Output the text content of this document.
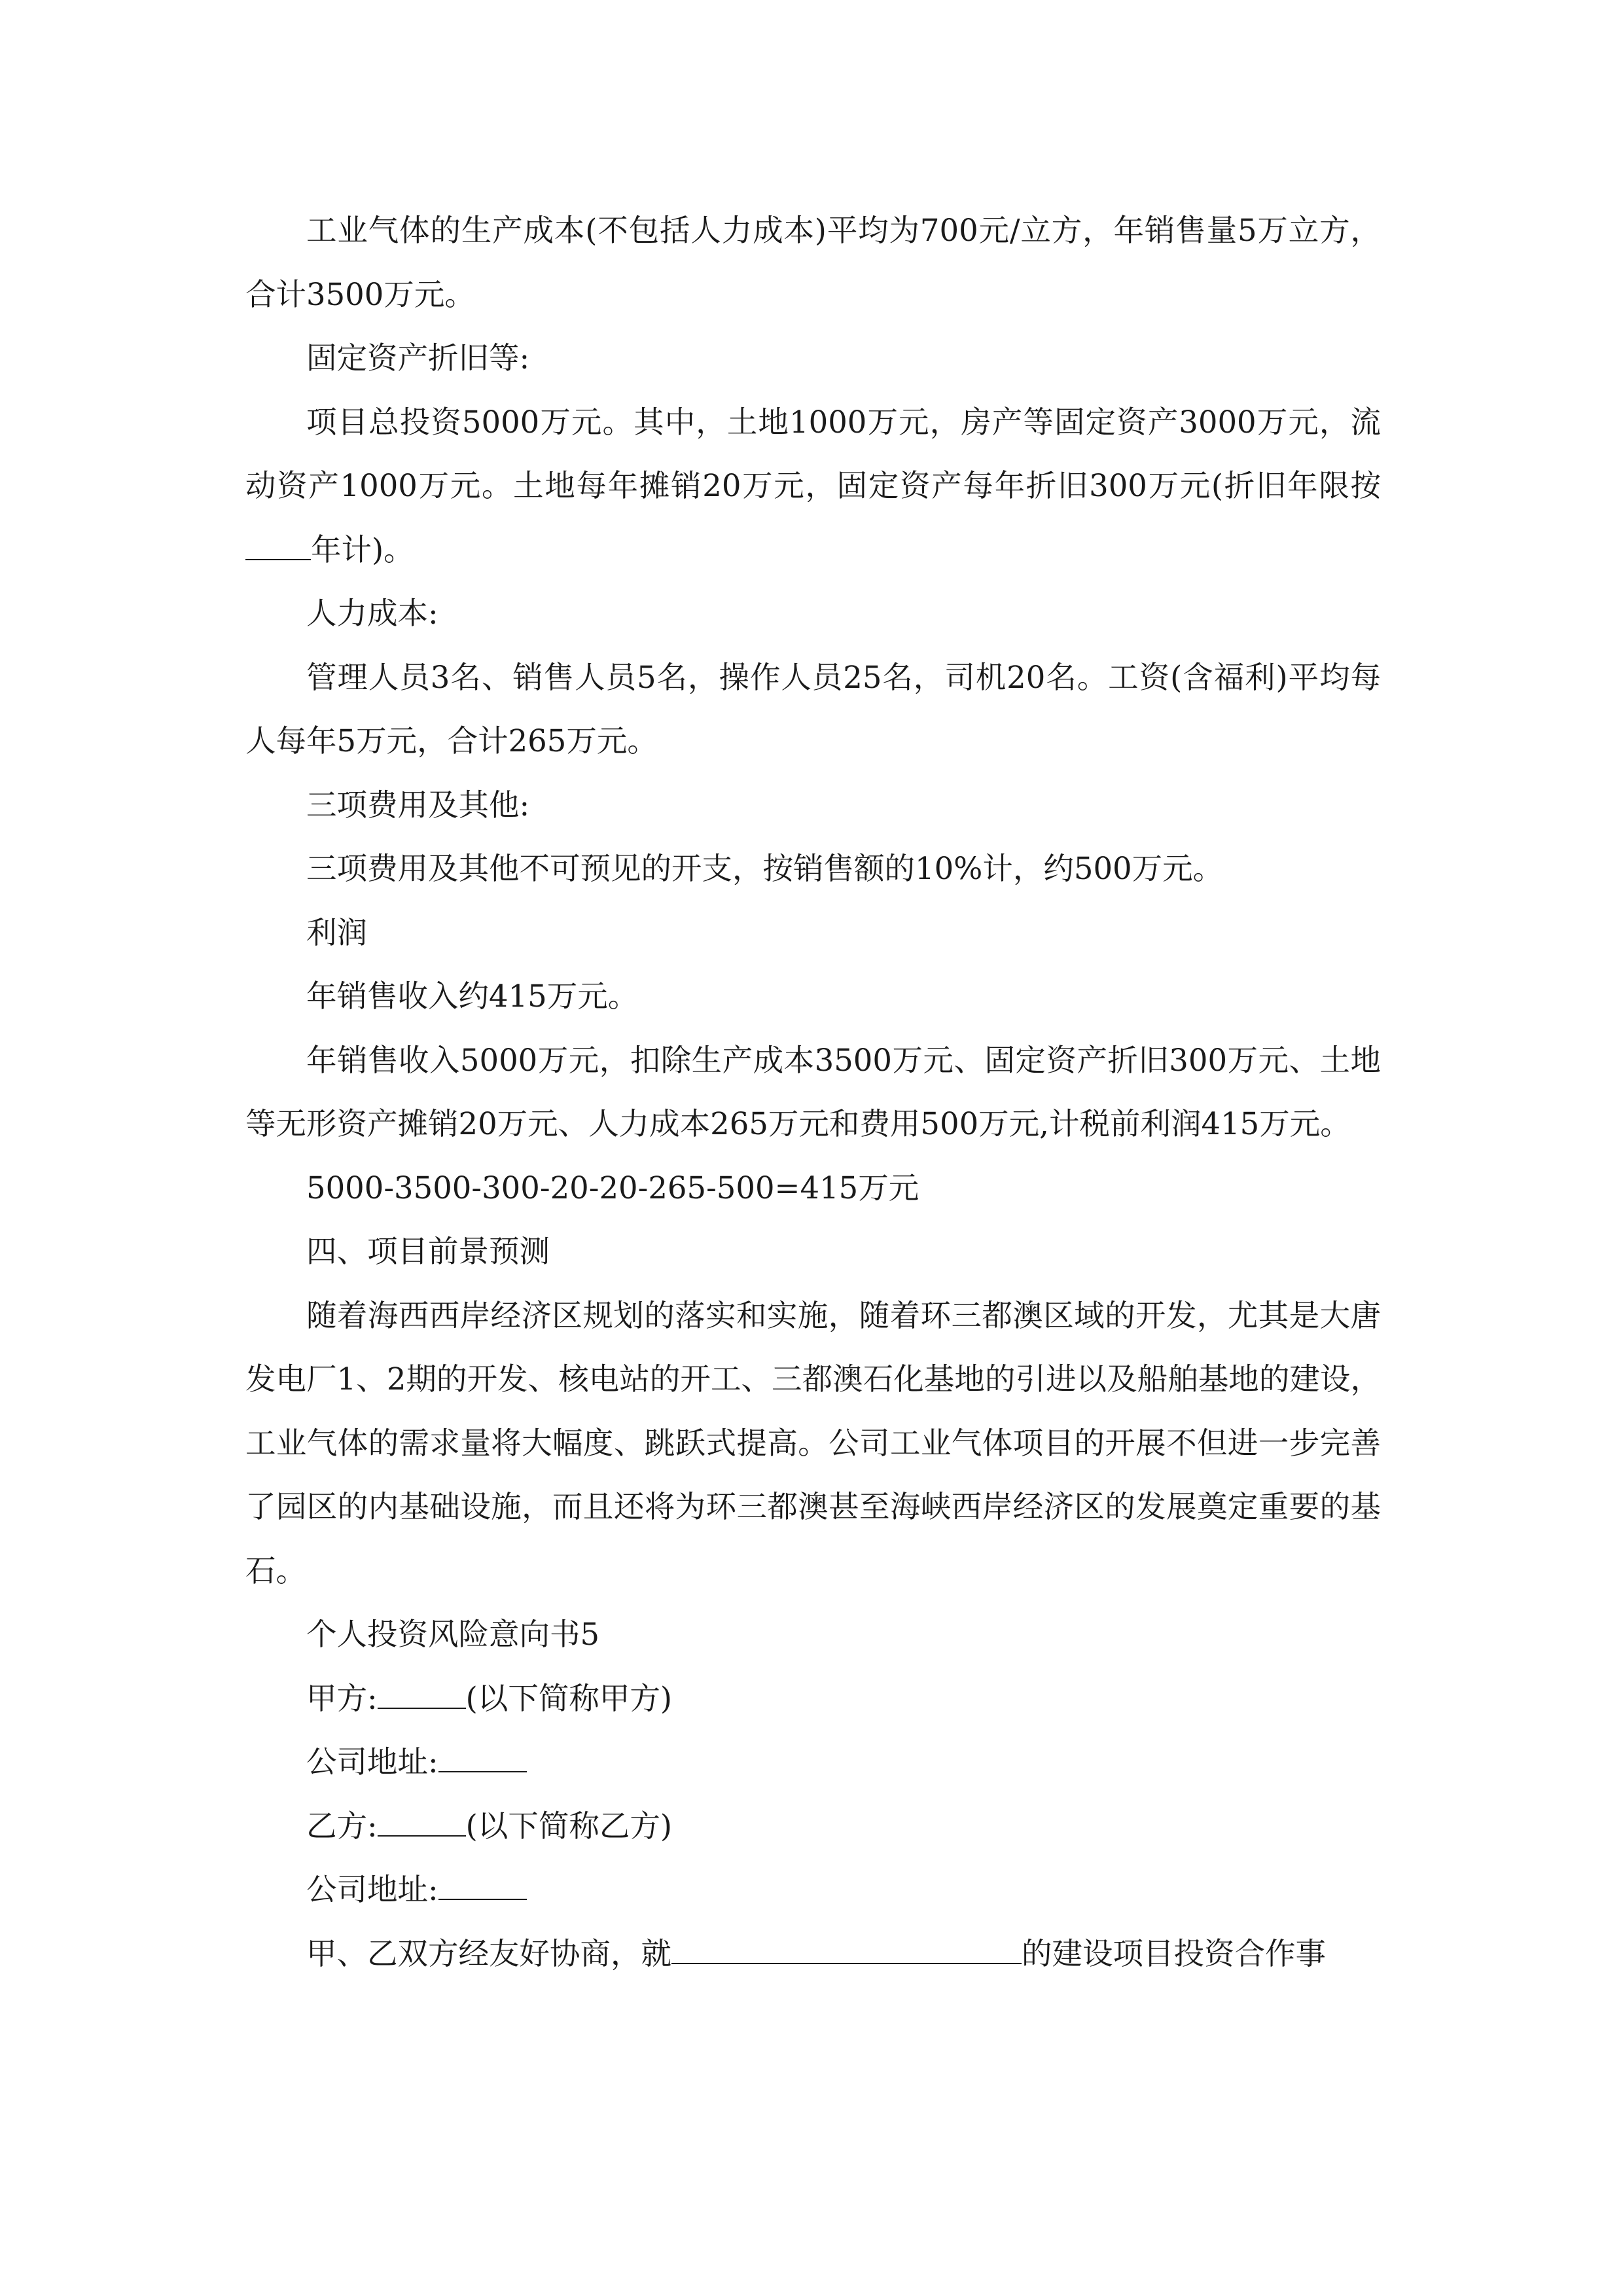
工业气体的生产成本(不包括人力成本)平均为700元/立方，年销售量5万立方，合计3500万元。

固定资产折旧等:

项目总投资5000万元。其中，土地1000万元，房产等固定资产3000万元，流动资产1000万元。土地每年摊销20万元，固定资产每年折旧300万元(折旧年限按年计)。

人力成本:

管理人员3名、销售人员5名，操作人员25名，司机20名。工资(含福利)平均每人每年5万元，合计265万元。

三项费用及其他:

三项费用及其他不可预见的开支，按销售额的10%计，约500万元。

利润

年销售收入约415万元。

年销售收入5000万元，扣除生产成本3500万元、固定资产折旧300万元、土地等无形资产摊销20万元、人力成本265万元和费用500万元,计税前利润415万元。

5000-3500-300-20-20-265-500=415万元

四、项目前景预测

随着海西西岸经济区规划的落实和实施，随着环三都澳区域的开发，尤其是大唐发电厂1、2期的开发、核电站的开工、三都澳石化基地的引进以及船舶基地的建设，工业气体的需求量将大幅度、跳跃式提高。公司工业气体项目的开展不但进一步完善了园区的内基础设施，而且还将为环三都澳甚至海峡西岸经济区的发展奠定重要的基石。

个人投资风险意向书5

甲方:	(以下简称甲方)

公司地址:

乙方:	(以下简称乙方)

公司地址:

甲、乙双方经友好协商，就	的建设项目投资合作事
